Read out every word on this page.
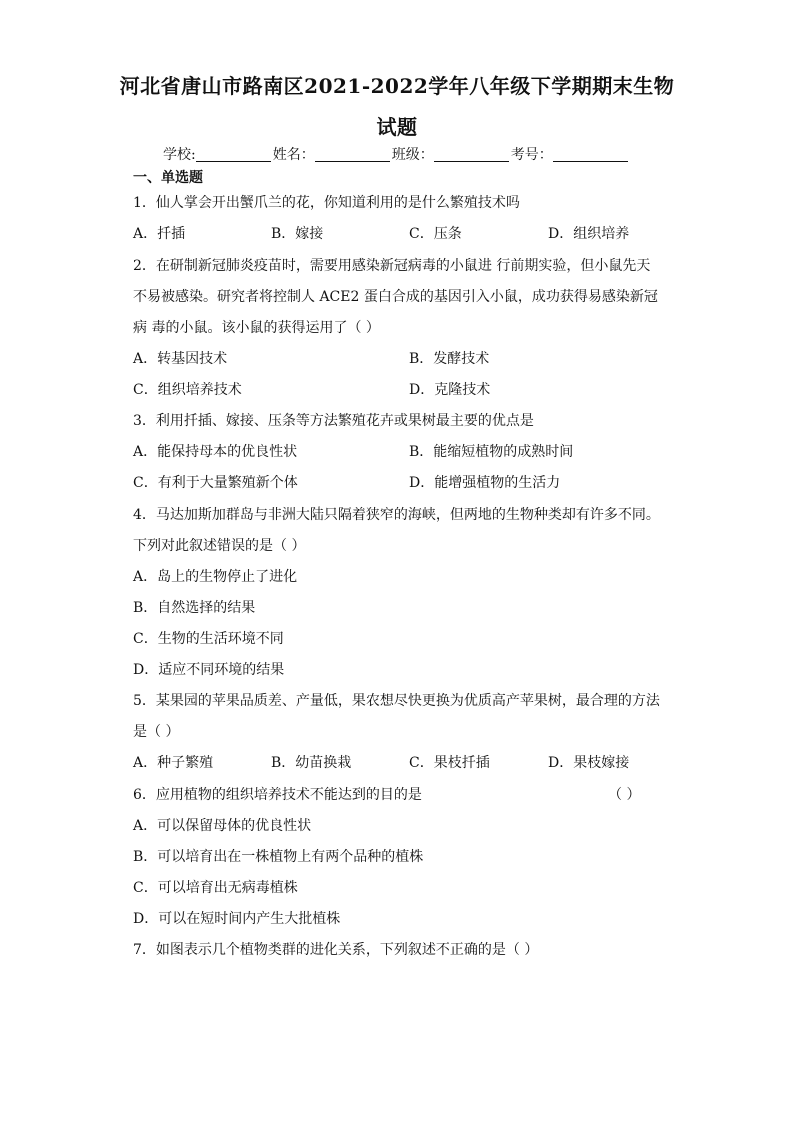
河北省唐山市路南区2021-2022学年八年级下学期期末生物
试题
学校:	姓名：	班级：	考号：
一、单选题
1．仙人掌会开出蟹爪兰的花，你知道利用的是什么繁殖技术吗
A．扦插	B．嫁接	C．压条	D．组织培养
2．在研制新冠肺炎疫苗时，需要用感染新冠病毒的小鼠进 行前期实验，但小鼠先天
不易被感染。研究者将控制人 ACE2 蛋白合成的基因引入小鼠，成功获得易感染新冠
病 毒的小鼠。该小鼠的获得运用了（ ）
A．转基因技术	B．发酵技术
C．组织培养技术	D．克隆技术
3．利用扦插、嫁接、压条等方法繁殖花卉或果树最主要的优点是
A．能保持母本的优良性状	B．能缩短植物的成熟时间
C．有利于大量繁殖新个体	D．能增强植物的生活力
4．马达加斯加群岛与非洲大陆只隔着狭窄的海峡，但两地的生物种类却有许多不同。
下列对此叙述错误的是（ ）
A．岛上的生物停止了进化
B．自然选择的结果
C．生物的生活环境不同
D．适应不同环境的结果
5．某果园的苹果品质差、产量低，果农想尽快更换为优质高产苹果树，最合理的方法
是（ ）
A．种子繁殖	B．幼苗换栽	C．果枝扦插	D．果枝嫁接
6．应用植物的组织培养技术不能达到的目的是	（ ）
A．可以保留母体的优良性状
B．可以培育出在一株植物上有两个品种的植株
C．可以培育出无病毒植株
D．可以在短时间内产生大批植株
7．如图表示几个植物类群的进化关系，下列叙述不正确的是（ ）
